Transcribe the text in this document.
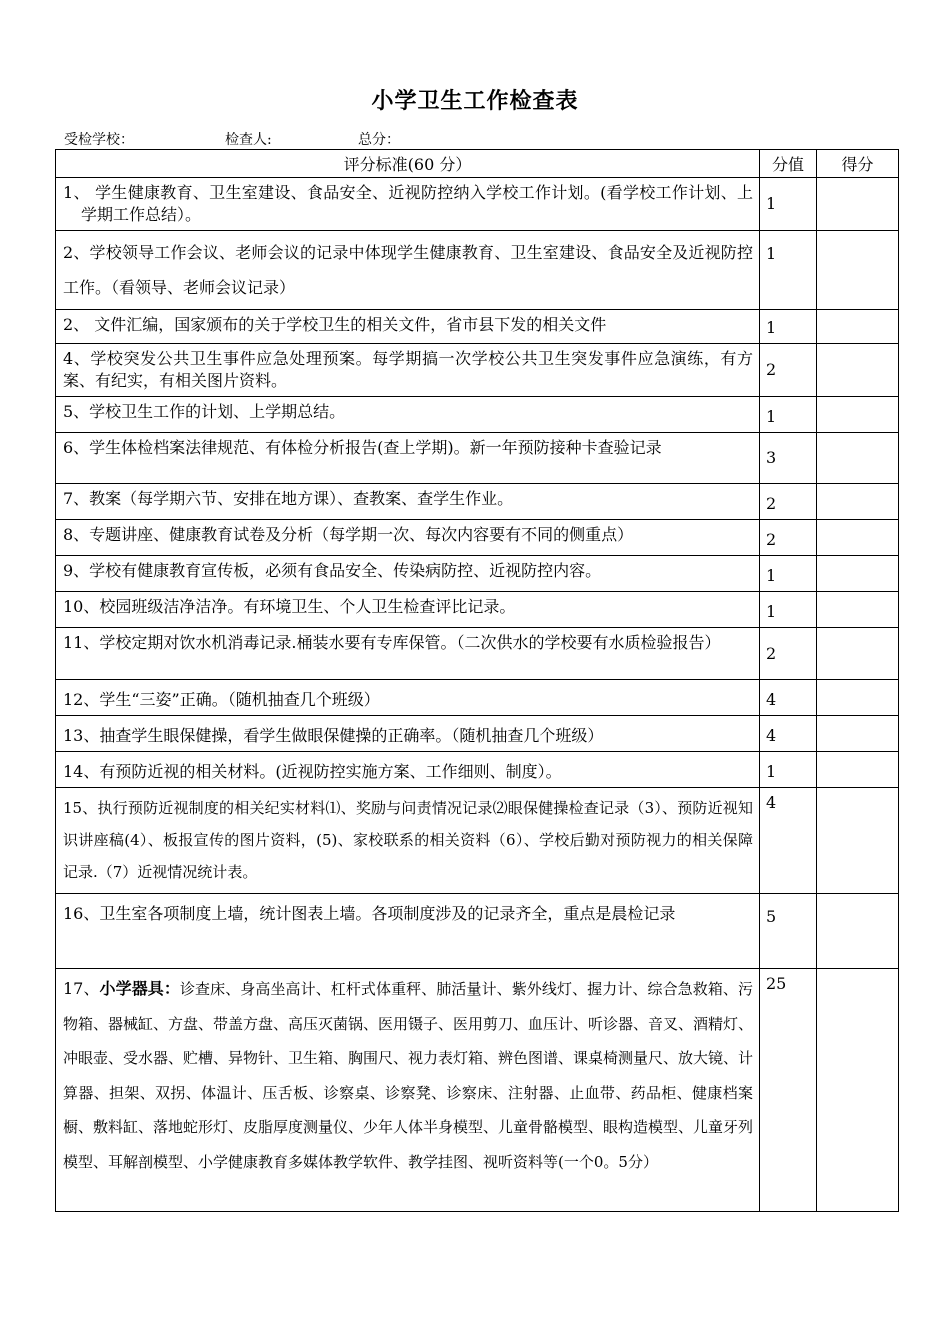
小学卫生工作检查表
受检学校：	检查人:	总分：
评分标准(60 分）	分值	得分

1、 学生健康教育、卫生室建设、食品安全、近视防控纳入学校工作计划。(看学校工作计划、上学期工作总结）。	1	

2、学校领导工作会议、老师会议的记录中体现学生健康教育、卫生室建设、食品安全及近视防控工作。（看领导、老师会议记录）	1	
2、 文件汇编，国家颁布的关于学校卫生的相关文件，省市县下发的相关文件	1	
4、学校突发公共卫生事件应急处理预案。每学期搞一次学校公共卫生突发事件应急演练，有方案、有纪实，有相关图片资料。	2	
5、学校卫生工作的计划、上学期总结。	1	
6、学生体检档案法律规范、有体检分析报告(查上学期)。新一年预防接种卡查验记录	3	
7、教案（每学期六节、安排在地方课）、查教案、查学生作业。	2	
8、专题讲座、健康教育试卷及分析（每学期一次、每次内容要有不同的侧重点）	2	
9、学校有健康教育宣传板，必须有食品安全、传染病防控、近视防控内容。	1	
10、校园班级洁净洁净。有环境卫生、个人卫生检查评比记录。	1	
11、学校定期对饮水机消毒记录.桶装水要有专库保管。（二次供水的学校要有水质检验报告）	2	
12、学生“三姿”正确。（随机抽查几个班级）	4	
13、抽查学生眼保健操，看学生做眼保健操的正确率。（随机抽查几个班级）	4	
14、有预防近视的相关材料。(近视防控实施方案、工作细则、制度）。	1	

15、执行预防近视制度的相关纪实材料⑴、奖励与问责情况记录⑵眼保健操检查记录（3）、预防近视知识讲座稿(4）、板报宣传的图片资料，(5)、家校联系的相关资料（6）、学校后勤对预防视力的相关保障记录.（7）近视情况统计表。	4	

16、卫生室各项制度上墙，统计图表上墙。各项制度涉及的记录齐全，重点是晨检记录	5	

17、小学器具：诊查床、身高坐高计、杠杆式体重秤、肺活量计、紫外线灯、握力计、综合急救箱、污物箱、器械缸、方盘、带盖方盘、高压灭菌锅、医用镊子、医用剪刀、血压计、听诊器、音叉、酒精灯、冲眼壶、受水器、贮槽、异物针、卫生箱、胸围尺、视力表灯箱、辨色图谱、课桌椅测量尺、放大镜、计算器、担架、双拐、体温计、压舌板、诊察桌、诊察凳、诊察床、注射器、止血带、药品柜、健康档案橱、敷料缸、落地蛇形灯、皮脂厚度测量仪、少年人体半身模型、儿童骨骼模型、眼构造模型、儿童牙列模型、耳解剖模型、小学健康教育多媒体教学软件、教学挂图、视听资料等(一个0。5分）	25	
